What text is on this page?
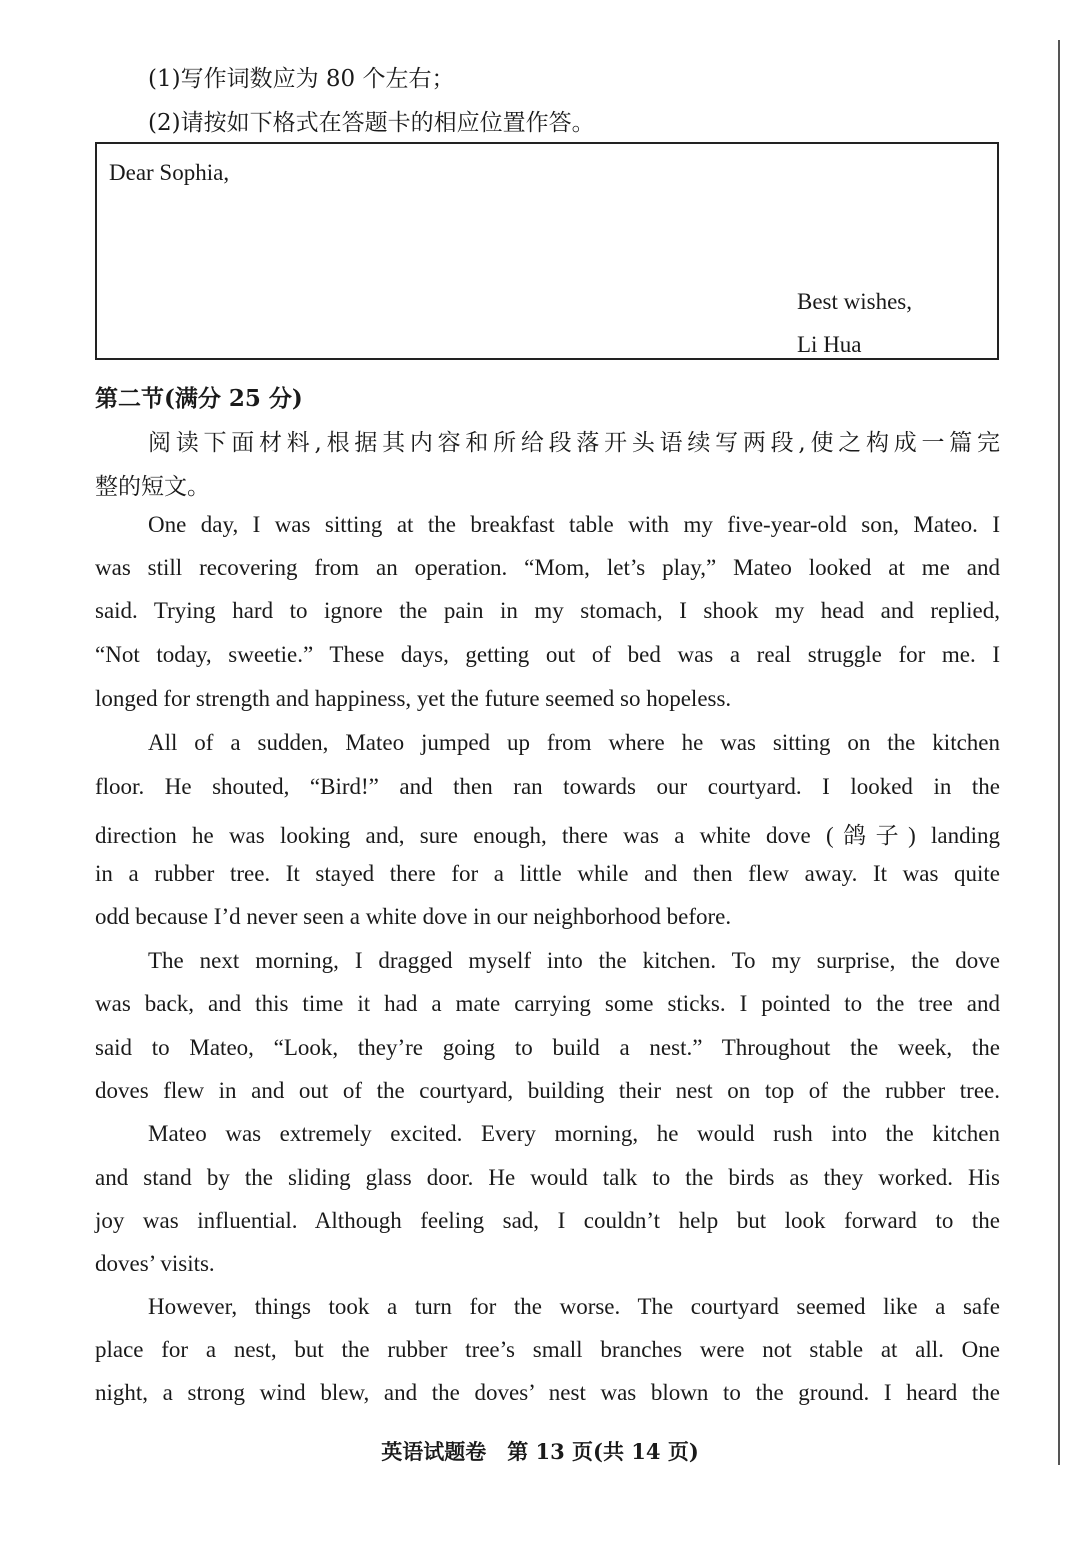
(1)写作词数应为 80 个左右；
(2)请按如下格式在答题卡的相应位置作答。
Dear Sophia,
Best wishes,
Li Hua
第二节(满分 25 分)
阅读下面材料,根据其内容和所给段落开头语续写两段,使之构成一篇完
整的短文。
One day, I was sitting at the breakfast table with my five-year-old son, Mateo. I
was still recovering from an operation. “Mom, let’s play,” Mateo looked at me and
said. Trying hard to ignore the pain in my stomach, I shook my head and replied,
“Not today, sweetie.” These days, getting out of bed was a real struggle for me. I
longed for strength and happiness, yet the future seemed so hopeless.
All of a sudden, Mateo jumped up from where he was sitting on the kitchen
floor. He shouted, “Bird!” and then ran towards our courtyard. I looked in the
direction he was looking and, sure enough, there was a white dove (鸽子) landing
in a rubber tree. It stayed there for a little while and then flew away. It was quite
odd because I’d never seen a white dove in our neighborhood before.
The next morning, I dragged myself into the kitchen. To my surprise, the dove
was back, and this time it had a mate carrying some sticks. I pointed to the tree and
said to Mateo, “Look, they’re going to build a nest.” Throughout the week, the
doves flew in and out of the courtyard, building their nest on top of the rubber tree.
Mateo was extremely excited. Every morning, he would rush into the kitchen
and stand by the sliding glass door. He would talk to the birds as they worked. His
joy was influential. Although feeling sad, I couldn’t help but look forward to the
doves’ visits.
However, things took a turn for the worse. The courtyard seemed like a safe
place for a nest, but the rubber tree’s small branches were not stable at all. One
night, a strong wind blew, and the doves’ nest was blown to the ground. I heard the
英语试题卷　第 13 页(共 14 页)
